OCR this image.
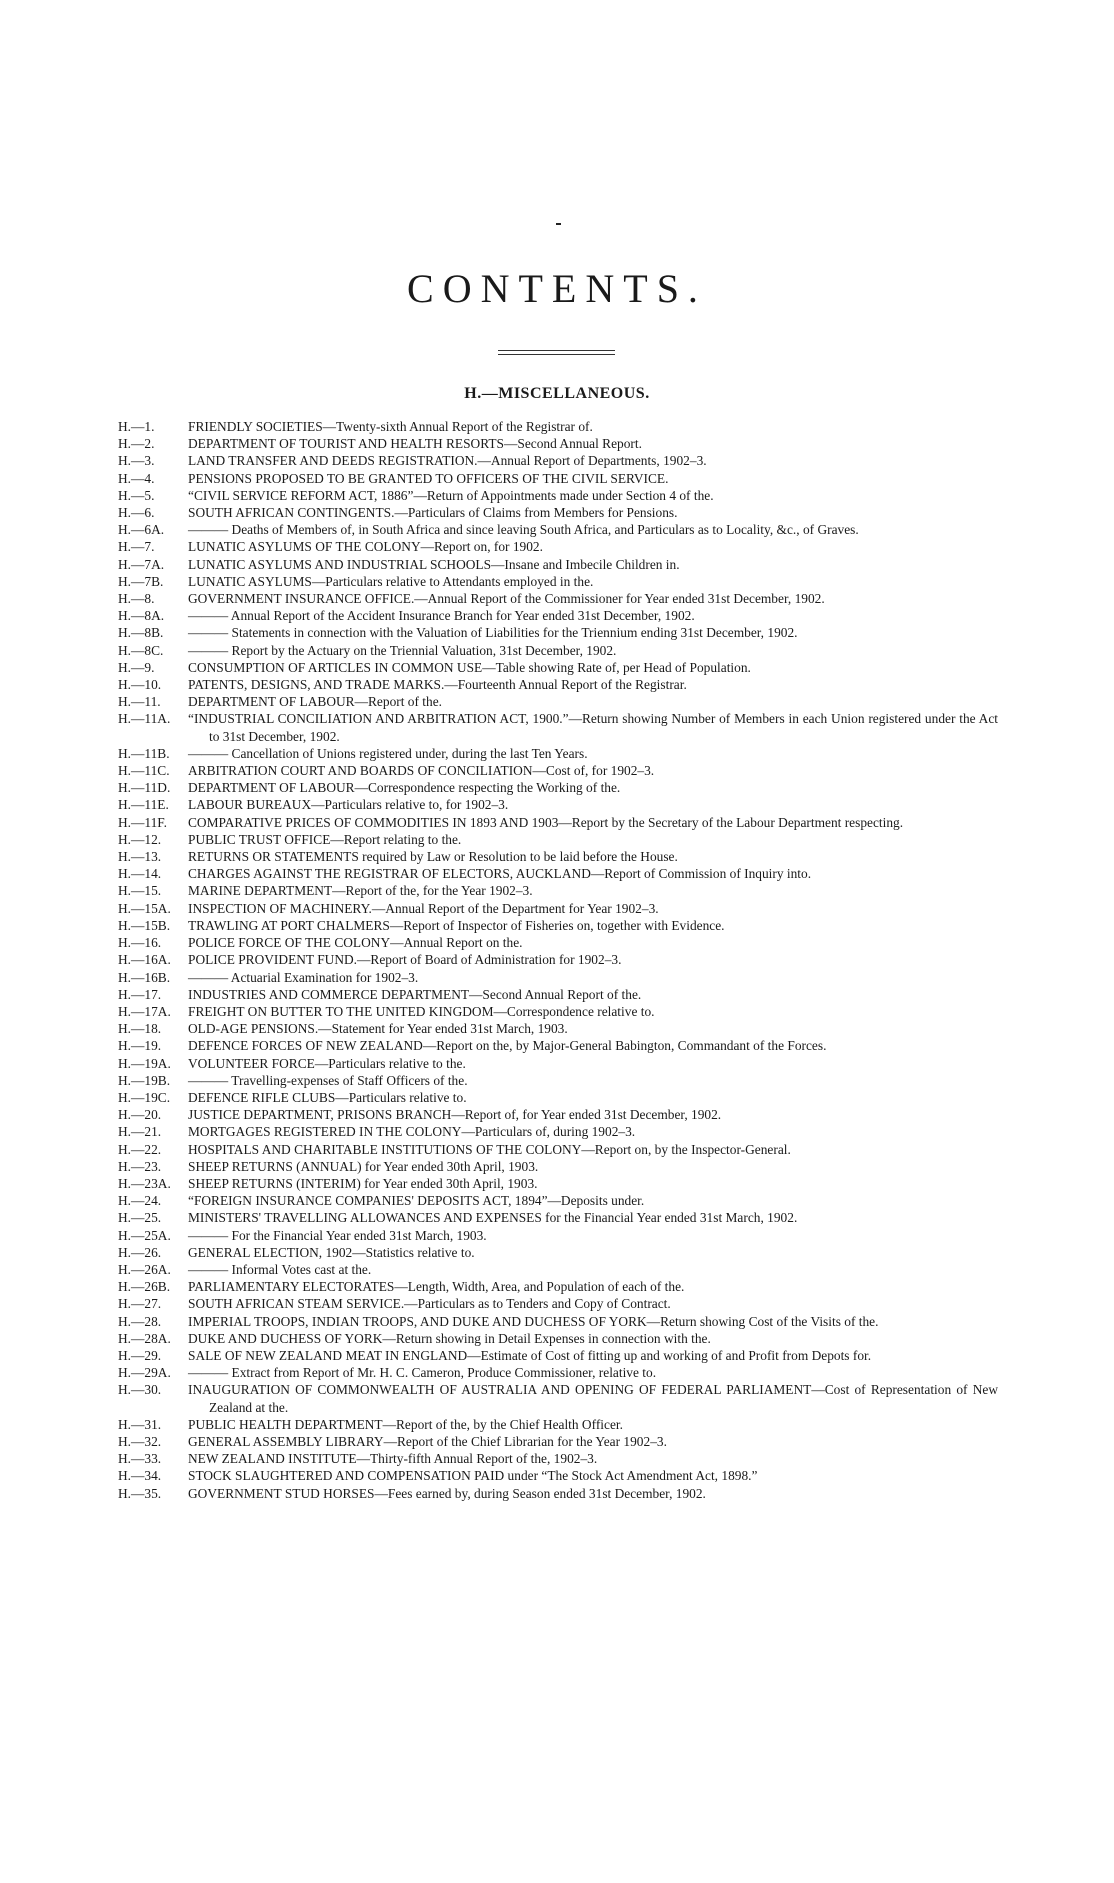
CONTENTS.
H.—MISCELLANEOUS.
H.—1.	FRIENDLY SOCIETIES—Twenty-sixth Annual Report of the Registrar of.
H.—2.	DEPARTMENT OF TOURIST AND HEALTH RESORTS—Second Annual Report.
H.—3.	LAND TRANSFER AND DEEDS REGISTRATION.—Annual Report of Departments, 1902–3.
H.—4.	PENSIONS PROPOSED TO BE GRANTED TO OFFICERS OF THE CIVIL SERVICE.
H.—5.	“CIVIL SERVICE REFORM ACT, 1886”—Return of Appointments made under Section 4 of the.
H.—6.	SOUTH AFRICAN CONTINGENTS.—Particulars of Claims from Members for Pensions.
H.—6A.	——— Deaths of Members of, in South Africa and since leaving South Africa, and Particulars as to Locality, &c., of Graves.
H.—7.	LUNATIC ASYLUMS OF THE COLONY—Report on, for 1902.
H.—7A.	LUNATIC ASYLUMS AND INDUSTRIAL SCHOOLS—Insane and Imbecile Children in.
H.—7B.	LUNATIC ASYLUMS—Particulars relative to Attendants employed in the.
H.—8.	GOVERNMENT INSURANCE OFFICE.—Annual Report of the Commissioner for Year ended 31st December, 1902.
H.—8A.	——— Annual Report of the Accident Insurance Branch for Year ended 31st December, 1902.
H.—8B.	——— Statements in connection with the Valuation of Liabilities for the Triennium ending 31st December, 1902.
H.—8C.	——— Report by the Actuary on the Triennial Valuation, 31st December, 1902.
H.—9.	CONSUMPTION OF ARTICLES IN COMMON USE—Table showing Rate of, per Head of Population.
H.—10.	PATENTS, DESIGNS, AND TRADE MARKS.—Fourteenth Annual Report of the Registrar.
H.—11.	DEPARTMENT OF LABOUR—Report of the.
H.—11A.	“INDUSTRIAL CONCILIATION AND ARBITRATION ACT, 1900.”—Return showing Number of Members in each Union registered under the Act to 31st December, 1902.
H.—11B.	——— Cancellation of Unions registered under, during the last Ten Years.
H.—11C.	ARBITRATION COURT AND BOARDS OF CONCILIATION—Cost of, for 1902–3.
H.—11D.	DEPARTMENT OF LABOUR—Correspondence respecting the Working of the.
H.—11E.	LABOUR BUREAUX—Particulars relative to, for 1902–3.
H.—11F.	COMPARATIVE PRICES OF COMMODITIES IN 1893 AND 1903—Report by the Secretary of the Labour Department respecting.
H.—12.	PUBLIC TRUST OFFICE—Report relating to the.
H.—13.	RETURNS OR STATEMENTS required by Law or Resolution to be laid before the House.
H.—14.	CHARGES AGAINST THE REGISTRAR OF ELECTORS, AUCKLAND—Report of Commission of Inquiry into.
H.—15.	MARINE DEPARTMENT—Report of the, for the Year 1902–3.
H.—15A.	INSPECTION OF MACHINERY.—Annual Report of the Department for Year 1902–3.
H.—15B.	TRAWLING AT PORT CHALMERS—Report of Inspector of Fisheries on, together with Evidence.
H.—16.	POLICE FORCE OF THE COLONY—Annual Report on the.
H.—16A.	POLICE PROVIDENT FUND.—Report of Board of Administration for 1902–3.
H.—16B.	——— Actuarial Examination for 1902–3.
H.—17.	INDUSTRIES AND COMMERCE DEPARTMENT—Second Annual Report of the.
H.—17A.	FREIGHT ON BUTTER TO THE UNITED KINGDOM—Correspondence relative to.
H.—18.	OLD-AGE PENSIONS.—Statement for Year ended 31st March, 1903.
H.—19.	DEFENCE FORCES OF NEW ZEALAND—Report on the, by Major-General Babington, Commandant of the Forces.
H.—19A.	VOLUNTEER FORCE—Particulars relative to the.
H.—19B.	——— Travelling-expenses of Staff Officers of the.
H.—19C.	DEFENCE RIFLE CLUBS—Particulars relative to.
H.—20.	JUSTICE DEPARTMENT, PRISONS BRANCH—Report of, for Year ended 31st December, 1902.
H.—21.	MORTGAGES REGISTERED IN THE COLONY—Particulars of, during 1902–3.
H.—22.	HOSPITALS AND CHARITABLE INSTITUTIONS OF THE COLONY—Report on, by the Inspector-General.
H.—23.	SHEEP RETURNS (ANNUAL) for Year ended 30th April, 1903.
H.—23A.	SHEEP RETURNS (INTERIM) for Year ended 30th April, 1903.
H.—24.	“FOREIGN INSURANCE COMPANIES' DEPOSITS ACT, 1894”—Deposits under.
H.—25.	MINISTERS' TRAVELLING ALLOWANCES AND EXPENSES for the Financial Year ended 31st March, 1902.
H.—25A.	——— For the Financial Year ended 31st March, 1903.
H.—26.	GENERAL ELECTION, 1902—Statistics relative to.
H.—26A.	——— Informal Votes cast at the.
H.—26B.	PARLIAMENTARY ELECTORATES—Length, Width, Area, and Population of each of the.
H.—27.	SOUTH AFRICAN STEAM SERVICE.—Particulars as to Tenders and Copy of Contract.
H.—28.	IMPERIAL TROOPS, INDIAN TROOPS, AND DUKE AND DUCHESS OF YORK—Return showing Cost of the Visits of the.
H.—28A.	DUKE AND DUCHESS OF YORK—Return showing in Detail Expenses in connection with the.
H.—29.	SALE OF NEW ZEALAND MEAT IN ENGLAND—Estimate of Cost of fitting up and working of and Profit from Depots for.
H.—29A.	——— Extract from Report of Mr. H. C. Cameron, Produce Commissioner, relative to.
H.—30.	INAUGURATION OF COMMONWEALTH OF AUSTRALIA AND OPENING OF FEDERAL PARLIAMENT—Cost of Representation of New Zealand at the.
H.—31.	PUBLIC HEALTH DEPARTMENT—Report of the, by the Chief Health Officer.
H.—32.	GENERAL ASSEMBLY LIBRARY—Report of the Chief Librarian for the Year 1902–3.
H.—33.	NEW ZEALAND INSTITUTE—Thirty-fifth Annual Report of the, 1902–3.
H.—34.	STOCK SLAUGHTERED AND COMPENSATION PAID under “The Stock Act Amendment Act, 1898.”
H.—35.	GOVERNMENT STUD HORSES—Fees earned by, during Season ended 31st December, 1902.
